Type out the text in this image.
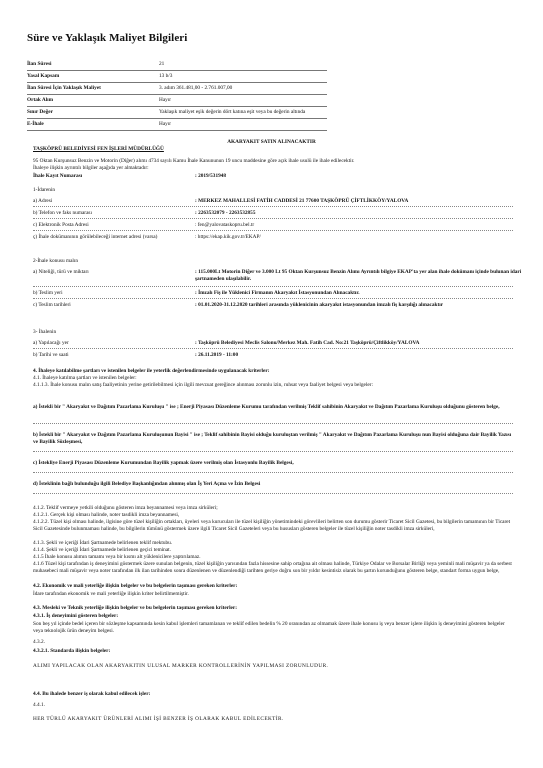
Süre ve Yaklaşık Maliyet Bilgileri
İlan Süresi	21
Yasal Kapsam	13 b/3
İlan Süresi İçin Yaklaşık Maliyet	3. adım 361.481,00 - 2.761.007,00
Ortak Alım	Hayır
Sınır Değer	Yaklaşık maliyet eşik değerin dört katına eşit veya bu değerin altında
E-İhale	Hayır
AKARYAKIT SATIN ALINACAKTIR
TAŞKÖPRÜ BELEDİYESİ FEN İŞLERİ MÜDÜRLÜĞÜ
95 Oktan Kurşunsuz Benzin ve Motorin (Diğer) alımı 4734 sayılı Kamu İhale Kanununun 19 uncu maddesine göre açık ihale usulü ile ihale edilecektir.
İhaleye ilişkin ayrıntılı bilgiler aşağıda yer almaktadır:
İhale Kayıt Numarası	: 2019/531948
1-İdarenin
a) Adresi	: MERKEZ MAHALLESİ FATİH CADDESİ 21 77600 TAŞKÖPRÜ ÇİFTLİKKÖY/YALOVA
b) Telefon ve faks numarası	: 2263532079 - 2263532855
c) Elektronik Posta Adresi	: fen@yalovataskopru.bel.tr
ç) İhale dokümanının görülebileceği internet adresi (varsa)	: https://ekap.kik.gov.tr/EKAP/
2-İhale konusu malın
a) Niteliği, türü ve miktarı	: 115.000Lt Motorin Diğer ve 3.000 Lt 95 Oktan Kurşunsuz Benzin Alımı Ayrıntılı bilgiye EKAP'ta yer alan ihale dokümanı içinde bulunan idari şartnameden ulaşılabilir.
b) Teslim yeri	: İmzalı Fiş ile Yüklenici Firmanın Akaryakıt İstasyonundan Alınacaktır.
c) Teslim tarihleri	: 01.01.2020-31.12.2020 tarihleri arasında yüklenicinin akaryakıt istasyonundan imzalı fiş karşılığı alınacaktır
3- İhalenin
a) Yapılacağı yer	: Taşköprü Belediyesi Meclis Salonu/Merkez Mah. Fatih Cad. No:21 Taşköprü/Çiftlikköy/YALOVA
b) Tarihi ve saati	: 26.11.2019 - 11:00
4. İhaleye katılabilme şartları ve istenilen belgeler ile yeterlik değerlendirmesinde uygulanacak kriterler:
4.1. İhaleye katılma şartları ve istenilen belgeler:
4.1.1.3. İhale konusu malın satış faaliyetinin yerine getirilebilmesi için ilgili mevzuat gereğince alınması zorunlu izin, ruhsat veya faaliyet belgesi veya belgeler:
a) İstekli bir " Akaryakıt ve Dağıtım Pazarlama Kuruluşu " ise ; Enerji Piyasası Düzenleme Kurumu tarafından verilmiş Teklif sahibinin Akaryakıt ve Dağıtım Pazarlama Kuruluşu olduğunu gösteren belge,
b) İstekli bir " Akaryakıt ve Dağıtım Pazarlama Kuruluşunun Bayisi " ise ; Teklif sahibinin Bayisi olduğu kuruluştan verilmiş " Akaryakıt ve Dağıtım Pazarlama Kuruluşu nun Bayisi olduğuna dair Bayilik Yazısı ve Bayilik Sözleşmesi,
c) İstekliye Enerji Piyasası Düzenleme Kurumundan Bayilik yapmak üzere verilmiş olan İstasyonlu Bayilik Belgesi,
d) İsteklinin bağlı bulunduğu ilgili Belediye Başkanlığından alınmış olan İş Yeri Açma ve İzin Belgesi
4.1.2. Teklif vermeye yetkili olduğunu gösteren imza beyannamesi veya imza sirküleri;
4.1.2.1. Gerçek kişi olması halinde, noter tasdikli imza beyannamesi,
4.1.2.2. Tüzel kişi olması halinde, ilgisine göre tüzel kişiliğin ortakları, üyeleri veya kurucuları ile tüzel kişiliğin yönetimindeki görevlileri belirten son durumu gösterir Ticaret Sicil Gazetesi, bu bilgilerin tamamının bir Ticaret Sicil Gazetesinde bulunmaması halinde, bu bilgilerin tümünü göstermek üzere ilgili Ticaret Sicil Gazeteleri veya bu hususları gösteren belgeler ile tüzel kişiliğin noter tasdikli imza sirküleri,
4.1.3. Şekli ve içeriği İdari Şartnamede belirlenen teklif mektubu.
4.1.4. Şekli ve içeriği İdari Şartnamede belirlenen geçici teminat.
4.1.5 İhale konusu alımın tamamı veya bir kısmı alt yüklenicilere yaptırılamaz.
4.1.6 Tüzel kişi tarafından iş deneyimini göstermek üzere sunulan belgenin, tüzel kişiliğin yarısından fazla hissesine sahip ortağına ait olması halinde, Türkiye Odalar ve Borsalar Birliği veya yeminli mali müşavir ya da serbest muhasebeci mali müşavir veya noter tarafından ilk ilan tarihinden sonra düzenlenen ve düzenlendiği tarihten geriye doğru son bir yıldır kesintisiz olarak bu şartın korunduğunu gösteren belge, standart forma uygun belge,
4.2. Ekonomik ve mali yeterliğe ilişkin belgeler ve bu belgelerin taşıması gereken kriterler:
İdare tarafından ekonomik ve mali yeterliğe ilişkin kriter belirtilmemiştir.
4.3. Mesleki ve Teknik yeterliğe ilişkin belgeler ve bu belgelerin taşıması gereken kriterler:
4.3.1. İş deneyimini gösteren belgeler:
Son beş yıl içinde bedel içeren bir sözleşme kapsamında kesin kabul işlemleri tamamlanan ve teklif edilen bedelin % 20 oranından az olmamak üzere ihale konusu iş veya benzer işlere ilişkin iş deneyimini gösteren belgeler veya teknolojik ürün deneyim belgesi.
4.3.2.
4.3.2.1. Standarda ilişkin belgeler:
ALIMI YAPILACAK OLAN AKARYAKITIN ULUSAL MARKER KONTROLLERİNİN YAPILMASI ZORUNLUDUR.
4.4. Bu ihalede benzer iş olarak kabul edilecek işler:
4.4.1.
HER TÜRLÜ AKARYAKIT ÜRÜNLERİ ALIMI İŞİ BENZER İŞ OLARAK KABUL EDİLECEKTİR.
